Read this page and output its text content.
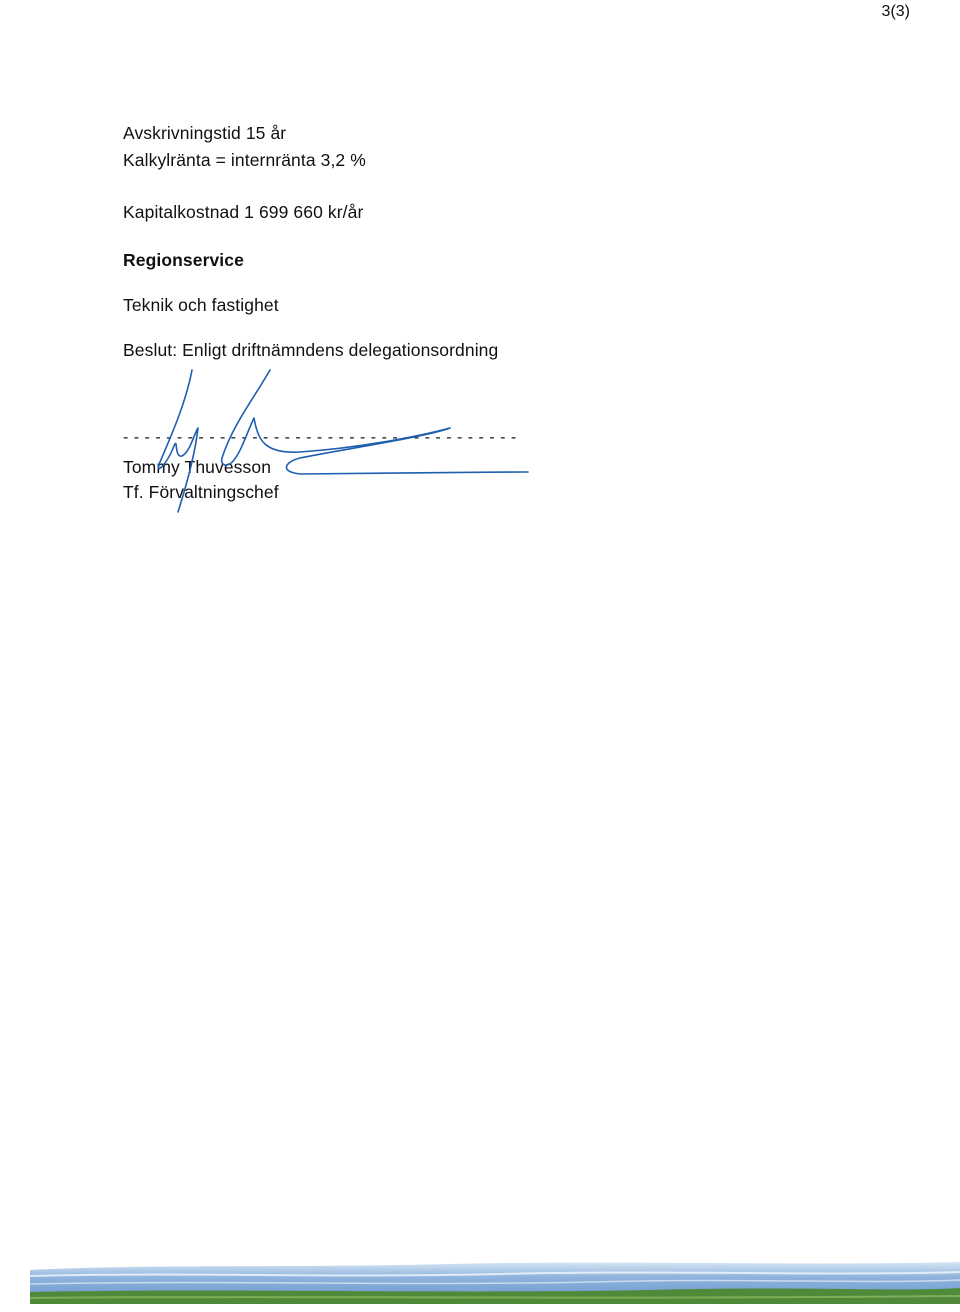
3(3)
Avskrivningstid 15 år
Kalkylränta = internränta 3,2 %
Kapitalkostnad 1 699 660 kr/år
Regionservice
Teknik och fastighet
Beslut: Enligt driftnämndens delegationsordning
- - - - - - - - - - - - - - - - - - - - - - - - - - - - - - - - - - - - -
Tommy Thuvesson
Tf. Förvaltningschef
